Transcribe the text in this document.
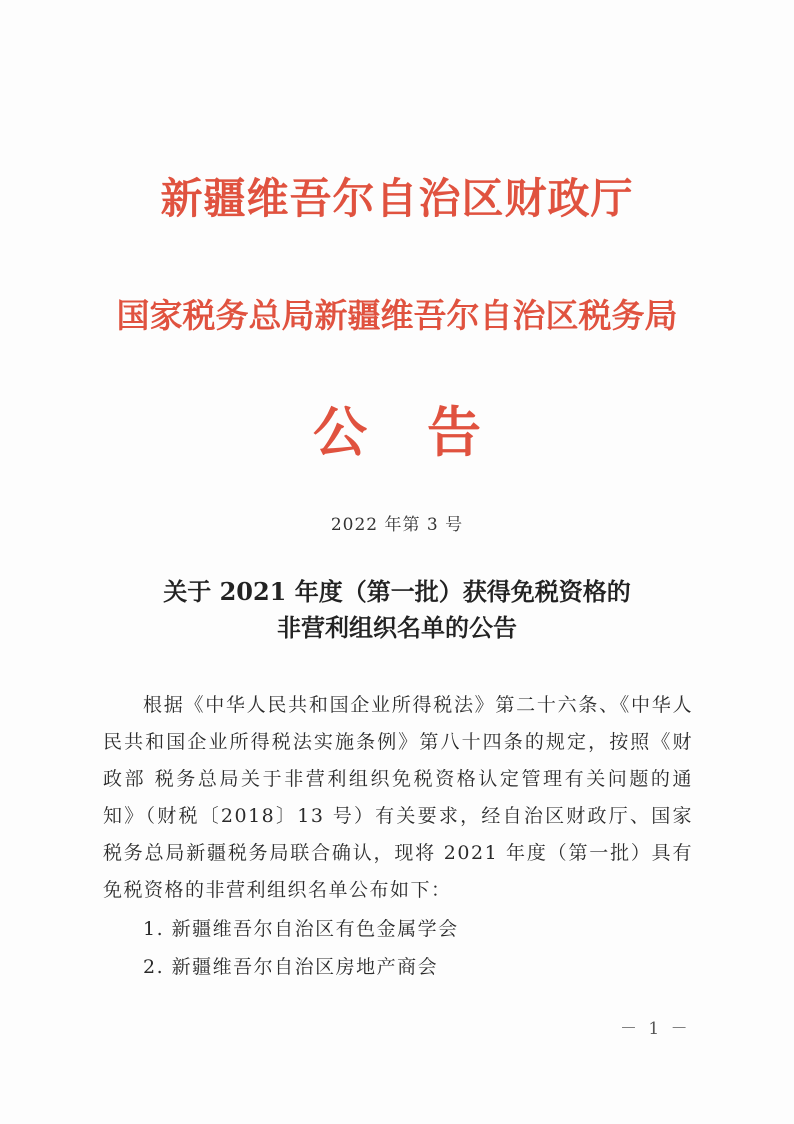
新疆维吾尔自治区财政厅
国家税务总局新疆维吾尔自治区税务局
公告
2022 年第 3 号
关于 2021 年度（第一批）获得免税资格的
非营利组织名单的公告

根据《中华人民共和国企业所得税法》第二十六条、《中华人民共和国企业所得税法实施条例》第八十四条的规定，按照《财政部 税务总局关于非营利组织免税资格认定管理有关问题的通知》（财税〔2018〕13 号）有关要求，经自治区财政厅、国家税务总局新疆税务局联合确认，现将 2021 年度（第一批）具有免税资格的非营利组织名单公布如下：

1. 新疆维吾尔自治区有色金属学会
2. 新疆维吾尔自治区房地产商会
－ 1 －
